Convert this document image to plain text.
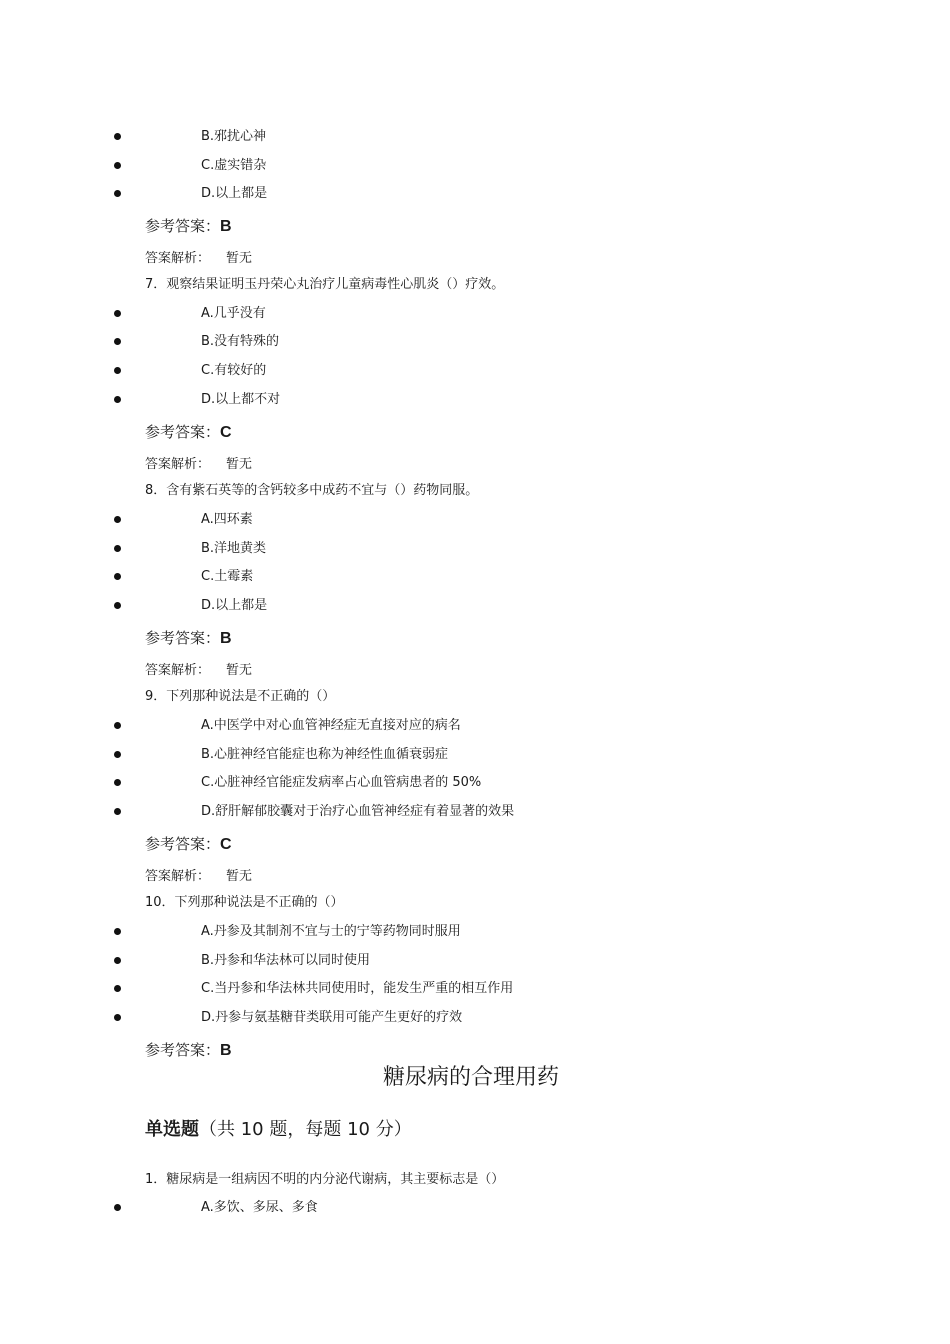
B.邪扰心神
C.虚实错杂
D.以上都是
参考答案：B
答案解析： 暂无
7．观察结果证明玉丹荣心丸治疗儿童病毒性心肌炎（）疗效。
A.几乎没有
B.没有特殊的
C.有较好的
D.以上都不对
参考答案：C
答案解析： 暂无
8．含有紫石英等的含钙较多中成药不宜与（）药物同服。
A.四环素
B.洋地黄类
C.土霉素
D.以上都是
参考答案：B
答案解析： 暂无
9．下列那种说法是不正确的（）
A.中医学中对心血管神经症无直接对应的病名
B.心脏神经官能症也称为神经性血循衰弱症
C.心脏神经官能症发病率占心血管病患者的 50%
D.舒肝解郁胶囊对于治疗心血管神经症有着显著的效果
参考答案：C
答案解析： 暂无
10．下列那种说法是不正确的（）
A.丹参及其制剂不宜与士的宁等药物同时服用
B.丹参和华法林可以同时使用
C.当丹参和华法林共同使用时，能发生严重的相互作用
D.丹参与氨基糖苷类联用可能产生更好的疗效
参考答案：B
糖尿病的合理用药
单选题（共 10 题，每题 10 分）
1．糖尿病是一组病因不明的内分泌代谢病，其主要标志是（）
A.多饮、多尿、多食
